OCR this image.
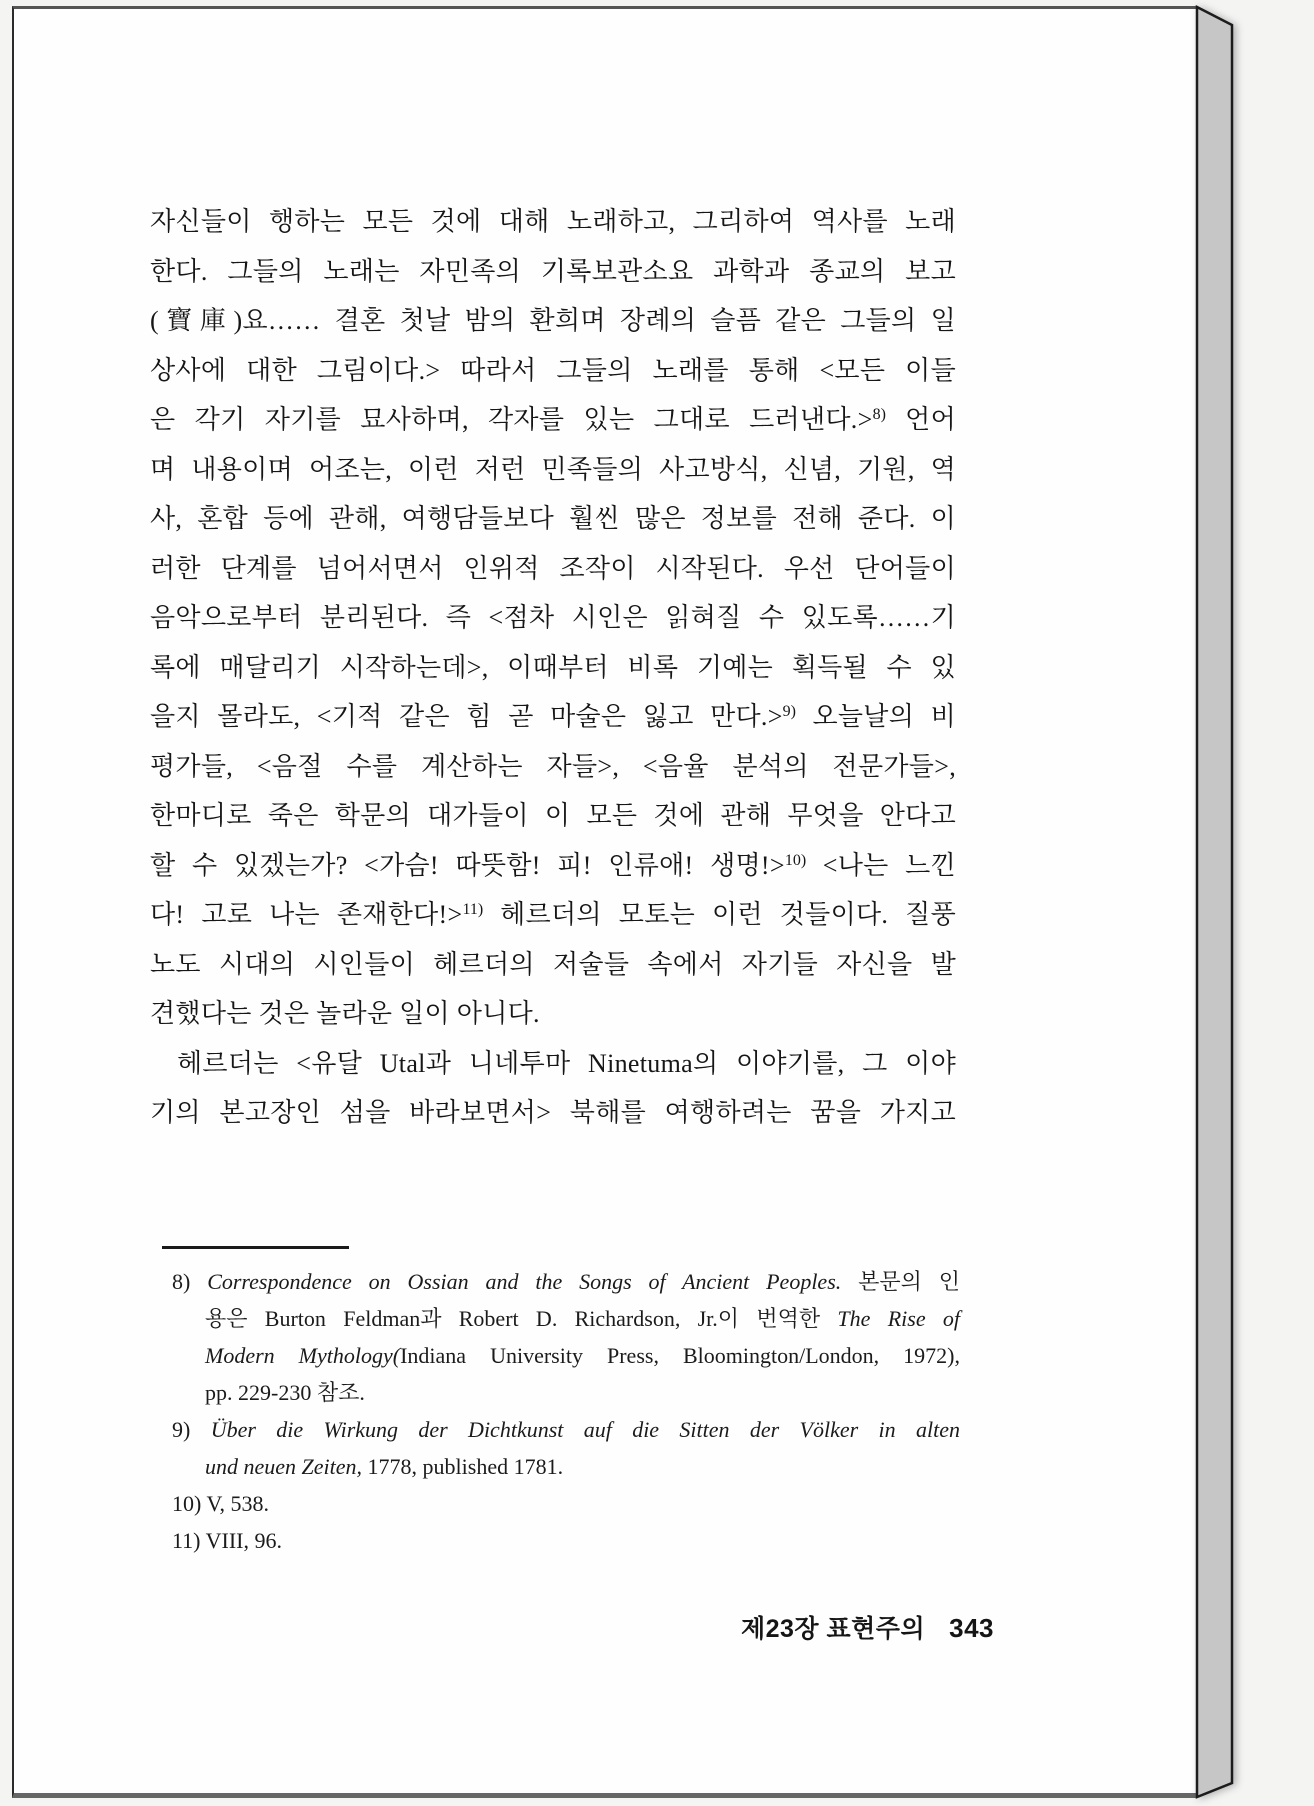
자신들이 행하는 모든 것에 대해 노래하고, 그리하여 역사를 노래
한다. 그들의 노래는 자민족의 기록보관소요 과학과 종교의 보고
(寶庫)요…… 결혼 첫날 밤의 환희며 장례의 슬픔 같은 그들의 일
상사에 대한 그림이다.> 따라서 그들의 노래를 통해 <모든 이들
은 각기 자기를 묘사하며, 각자를 있는 그대로 드러낸다.>$^{8)}$ 언어
며 내용이며 어조는, 이런 저런 민족들의 사고방식, 신념, 기원, 역
사, 혼합 등에 관해, 여행담들보다 훨씬 많은 정보를 전해 준다. 이
러한 단계를 넘어서면서 인위적 조작이 시작된다. 우선 단어들이
음악으로부터 분리된다. 즉 <점차 시인은 읽혀질 수 있도록……기
록에 매달리기 시작하는데>, 이때부터 비록 기예는 획득될 수 있
을지 몰라도, <기적 같은 힘 곧 마술은 잃고 만다.>$^{9)}$ 오늘날의 비
평가들, <음절 수를 계산하는 자들>, <음율 분석의 전문가들>,
한마디로 죽은 학문의 대가들이 이 모든 것에 관해 무엇을 안다고
할 수 있겠는가? <가슴! 따뜻함! 피! 인류애! 생명!>$^{10)}$ <나는 느낀
다! 고로 나는 존재한다!>$^{11)}$ 헤르더의 모토는 이런 것들이다. 질풍
노도 시대의 시인들이 헤르더의 저술들 속에서 자기들 자신을 발
견했다는 것은 놀라운 일이 아니다.
헤르더는 <유달 Utal과 니네투마 Ninetuma의 이야기를, 그 이야
기의 본고장인 섬을 바라보면서> 북해를 여행하려는 꿈을 가지고
8) Correspondence on Ossian and the Songs of Ancient Peoples. 본문의 인
용은 Burton Feldman과 Robert D. Richardson, Jr.이 번역한 The Rise of
Modern Mythology(Indiana University Press, Bloomington/London, 1972),
pp. 229-230 참조.
9) Über die Wirkung der Dichtkunst auf die Sitten der Völker in alten
und neuen Zeiten, 1778, published 1781.
10) V, 538.
11) VIII, 96.
제23장 표현주의 343
